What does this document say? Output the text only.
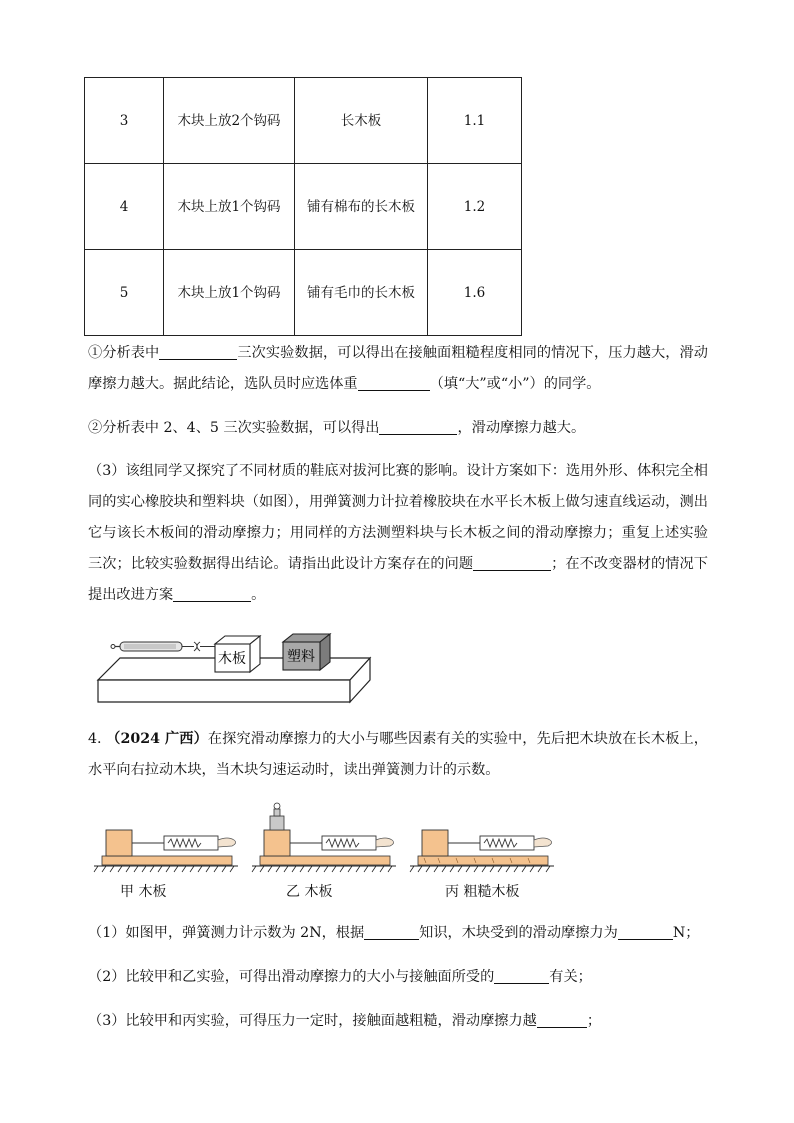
3	木块上放2个钩码	长木板	1.1
4	木块上放1个钩码	铺有棉布的长木板	1.2
5	木块上放1个钩码	铺有毛巾的长木板	1.6
①分析表中	三次实验数据，可以得出在接触面粗糙程度相同的情况下，压力越大，滑动摩擦力越大。据此结论，选队员时应选体重	（填“大”或“小”）的同学。
②分析表中 2、4、5 三次实验数据，可以得出	，滑动摩擦力越大。
（3）该组同学又探究了不同材质的鞋底对拔河比赛的影响。设计方案如下：选用外形、体积完全相同的实心橡胶块和塑料块（如图），用弹簧测力计拉着橡胶块在水平长木板上做匀速直线运动，测出它与该长木板间的滑动摩擦力；用同样的方法测塑料块与长木板之间的滑动摩擦力；重复上述实验三次；比较实验数据得出结论。请指出此设计方案存在的问题	；在不改变器材的情况下提出改进方案	。
木板	塑料
4. （2024 广西）在探究滑动摩擦力的大小与哪些因素有关的实验中，先后把木块放在长木板上，水平向右拉动木块，当木块匀速运动时，读出弹簧测力计的示数。
甲 木板	乙 木板	丙 粗糙木板
（1）如图甲，弹簧测力计示数为 2N，根据	知识，木块受到的滑动摩擦力为	N；
（2）比较甲和乙实验，可得出滑动摩擦力的大小与接触面所受的	有关；
（3）比较甲和丙实验，可得压力一定时，接触面越粗糙，滑动摩擦力越	；
